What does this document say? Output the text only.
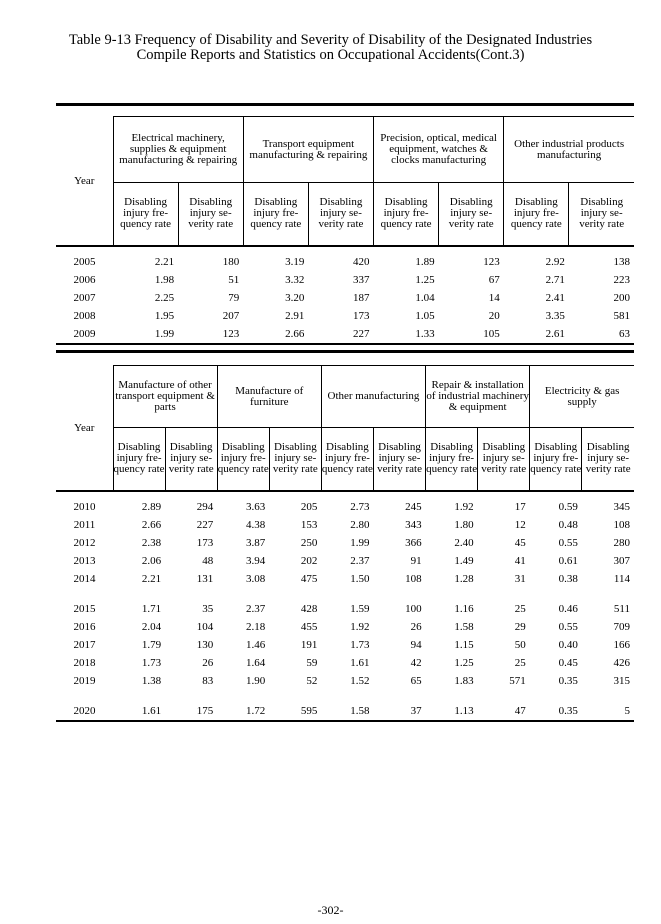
Table 9-13 Frequency of Disability and Severity of Disability of the Designated Industries
Compile Reports and Statistics on Occupational Accidents(Cont.3)

Year	Electrical machinery, supplies & equipment manufacturing & repairing		Transport equipment manufacturing & repairing		Precision, optical, medical equipment, watches & clocks manufacturing		Other industrial products manufacturing	
	Disabling injury fre- quency rate	Disabling injury se- verity rate	Disabling injury fre- quency rate	Disabling injury se- verity rate	Disabling injury fre- quency rate	Disabling injury se- verity rate	Disabling injury fre- quency rate	Disabling injury se- verity rate
2005	2.21	180	3.19	420	1.89	123	2.92	138
2006	1.98	51	3.32	337	1.25	67	2.71	223
2007	2.25	79	3.20	187	1.04	14	2.41	200
2008	1.95	207	2.91	173	1.05	20	3.35	581
2009	1.99	123	2.66	227	1.33	105	2.61	63

Year	Manufacture of other transport equipment & parts		Manufacture of furniture		Other manufacturing		Repair & installation of industrial machinery & equipment		Electricity & gas supply	
	Disabling injury fre- quency rate	Disabling injury se- verity rate	Disabling injury fre- quency rate	Disabling injury se- verity rate	Disabling injury fre- quency rate	Disabling injury se- verity rate	Disabling injury fre- quency rate	Disabling injury se- verity rate	Disabling injury fre- quency rate	Disabling injury se- verity rate
2010	2.89	294	3.63	205	2.73	245	1.92	17	0.59	345
2011	2.66	227	4.38	153	2.80	343	1.80	12	0.48	108
2012	2.38	173	3.87	250	1.99	366	2.40	45	0.55	280
2013	2.06	48	3.94	202	2.37	91	1.49	41	0.61	307
2014	2.21	131	3.08	475	1.50	108	1.28	31	0.38	114

2015	1.71	35	2.37	428	1.59	100	1.16	25	0.46	511
2016	2.04	104	2.18	455	1.92	26	1.58	29	0.55	709
2017	1.79	130	1.46	191	1.73	94	1.15	50	0.40	166
2018	1.73	26	1.64	59	1.61	42	1.25	25	0.45	426
2019	1.38	83	1.90	52	1.52	65	1.83	571	0.35	315

2020	1.61	175	1.72	595	1.58	37	1.13	47	0.35	5
-302-
